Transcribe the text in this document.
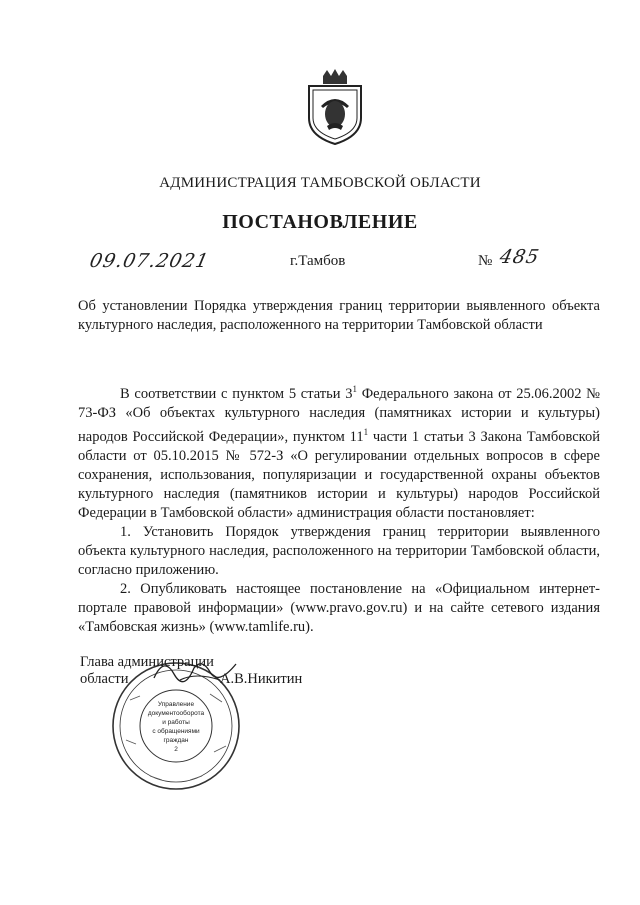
АДМИНИСТРАЦИЯ ТАМБОВСКОЙ ОБЛАСТИ
ПОСТАНОВЛЕНИЕ
09.07.2021	г.Тамбов	№ 485
Об установлении Порядка утверждения границ территории выявленного объекта культурного наследия, расположенного на территории Тамбовской области

В соответствии с пунктом 5 статьи $3^1$ Федерального закона от 25.06.2002 № 73-ФЗ «Об объектах культурного наследия (памятниках истории и культуры) народов Российской Федерации», пунктом $11^1$ части 1 статьи 3 Закона Тамбовской области от 05.10.2015 № 572-З «О регулировании отдельных вопросов в сфере сохранения, использования, популяризации и государственной охраны объектов культурного наследия (памятников истории и культуры) народов Российской Федерации в Тамбовской области» администрация области постановляет:

1. Установить Порядок утверждения границ территории выявленного объекта культурного наследия, расположенного на территории Тамбовской области, согласно приложению.

2. Опубликовать настоящее постановление на «Официальном интернет-портале правовой информации» (www.pravo.gov.ru) и на сайте сетевого издания «Тамбовская жизнь» (www.tamlife.ru).

Управление
документооборота
и работы
с обращениями
граждан
2
Глава администрации
области	А.В.Никитин
